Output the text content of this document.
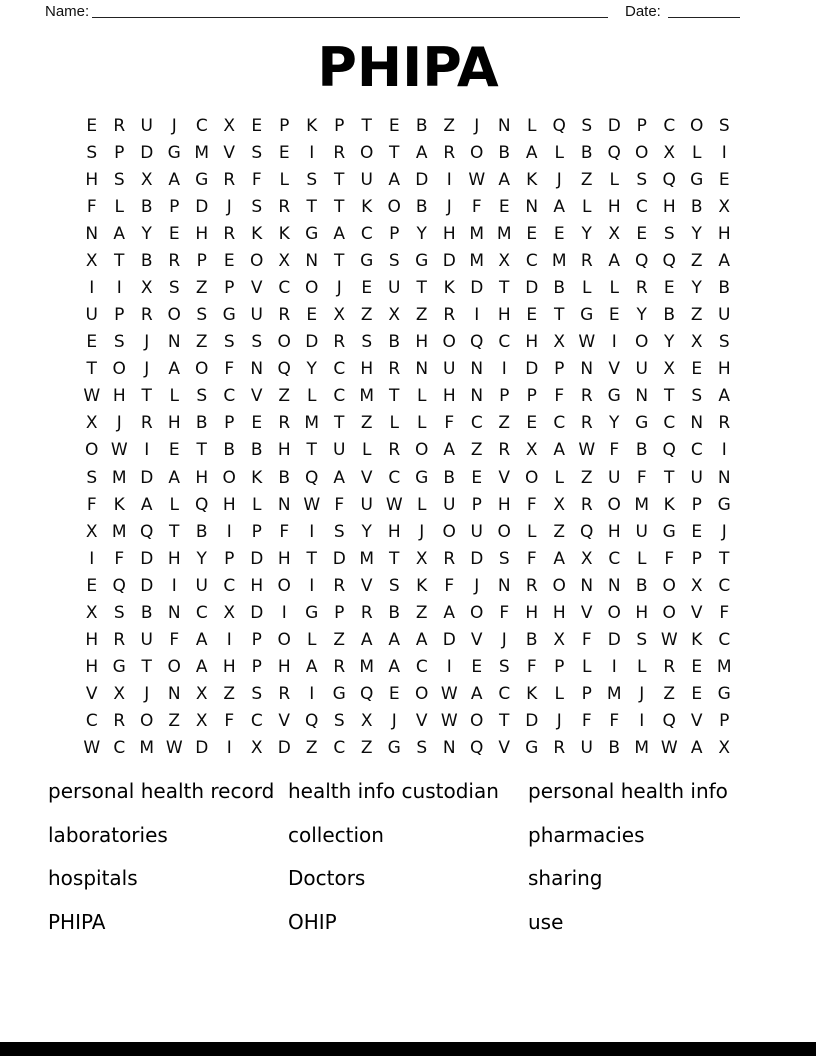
Name:	Date:
PHIPA
E R U	J	C X E P K P	T E B Z	J	N L Q S D P C O S
S P D G M V S E	I	R O T A R O B A L B Q O X L	I
H S X A G R F	L	S T U A D	I W A K	J	Z L	S Q G E
F	L B P D	J	S R T	T K O B	J	F	E N A L H C H B X
N A Y E H R K K G A C P	Y H M M E E Y X E S Y H
X T B R P	E O X N T G S G D M X C M R A Q Q Z A
I	I	X S Z P V C O	J	E U T K D T D B L	L R E Y B
U P R O S G U R E X Z X Z R	I	H E T G E Y B Z U
E S	J	N Z S S O D R S B H O Q C H X W I	O Y X S
T O	J	A O F N Q Y C H R N U N	I	D P N V U X E H
W H T	L	S C V Z L C M T	L H N P	P	F R G N T S A
X	J	R H B P	E R M T Z L	L	F C Z E C R Y G C N R
O W I	E T B B H T U L R O A Z R X A W F B Q C	I
S M D A H O K B Q A V C G B E V O L Z U F	T U N
F	K A L Q H L N W F U W L U P H F X R O M K P G
X M Q T B	I	P	F	I	S Y H	J	O U O L Z Q H U G E	J
I	F D H Y	P D H T D M T X R D S	F A X C L	F	P	T
E Q D	I	U C H O	I	R V S K	F	J	N R O N N B O X C
X S B N C X D	I	G P R B Z A O F H H V O H O V F
H R U F A	I	P O L Z A A A D V	J	B X F D S W K C
H G T O A H P H A R M A C	I	E S	F	P	L	I	L R E M
V X	J	N X Z S R	I	G Q E O W A C K	L	P M	J	Z E G
C R O Z X F C V Q S X	J	V W O T D	J	F	F	I	Q V P
W C M W D	I	X D Z C Z G S N Q V G R U B M W A X
personal health record
laboratories
hospitals
PHIPA
health info custodian
collection
Doctors
OHIP
personal health info
pharmacies
sharing
use
